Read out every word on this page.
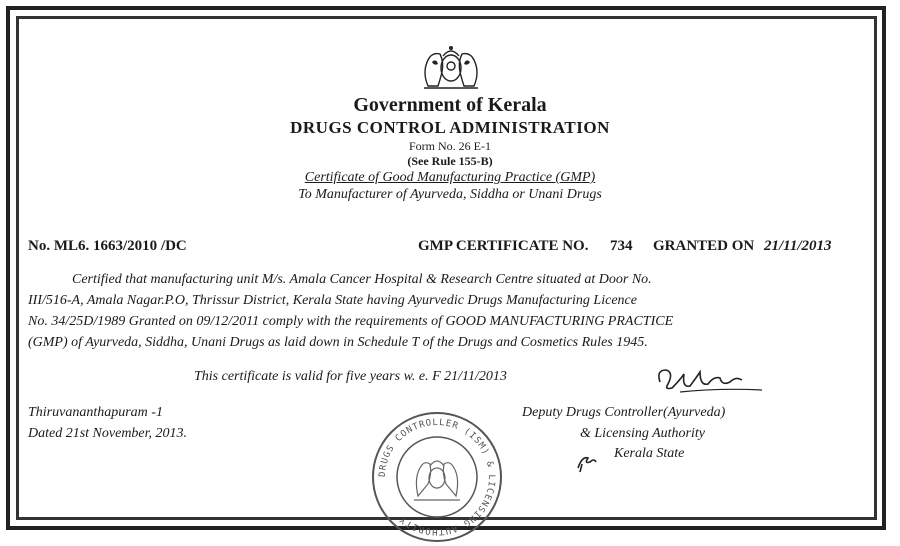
Government of Kerala
DRUGS CONTROL ADMINISTRATION
Form No. 26 E-1
(See Rule 155-B)
Certificate of Good Manufacturing Practice (GMP)
To Manufacturer of Ayurveda, Siddha or Unani Drugs
No. ML6. 1663/2010 /DC	GMP CERTIFICATE NO. 734 GRANTED ON 21/11/2013
Certified that manufacturing unit M/s. Amala Cancer Hospital & Research Centre situated at Door No.
III/516-A, Amala Nagar.P.O, Thrissur District, Kerala State having Ayurvedic Drugs Manufacturing Licence
No. 34/25D/1989 Granted on 09/12/2011 comply with the requirements of GOOD MANUFACTURING PRACTICE
(GMP) of Ayurveda, Siddha, Unani Drugs as laid down in Schedule T of the Drugs and Cosmetics Rules 1945.
This certificate is valid for five years w. e. F 21/11/2013
Thiruvananthapuram -1
Dated 21st November, 2013.
Deputy Drugs Controller(Ayurveda)
& Licensing Authority
Kerala State
DRUGS CONTROLLER (ISM) & LICENSING AUTHORITY
